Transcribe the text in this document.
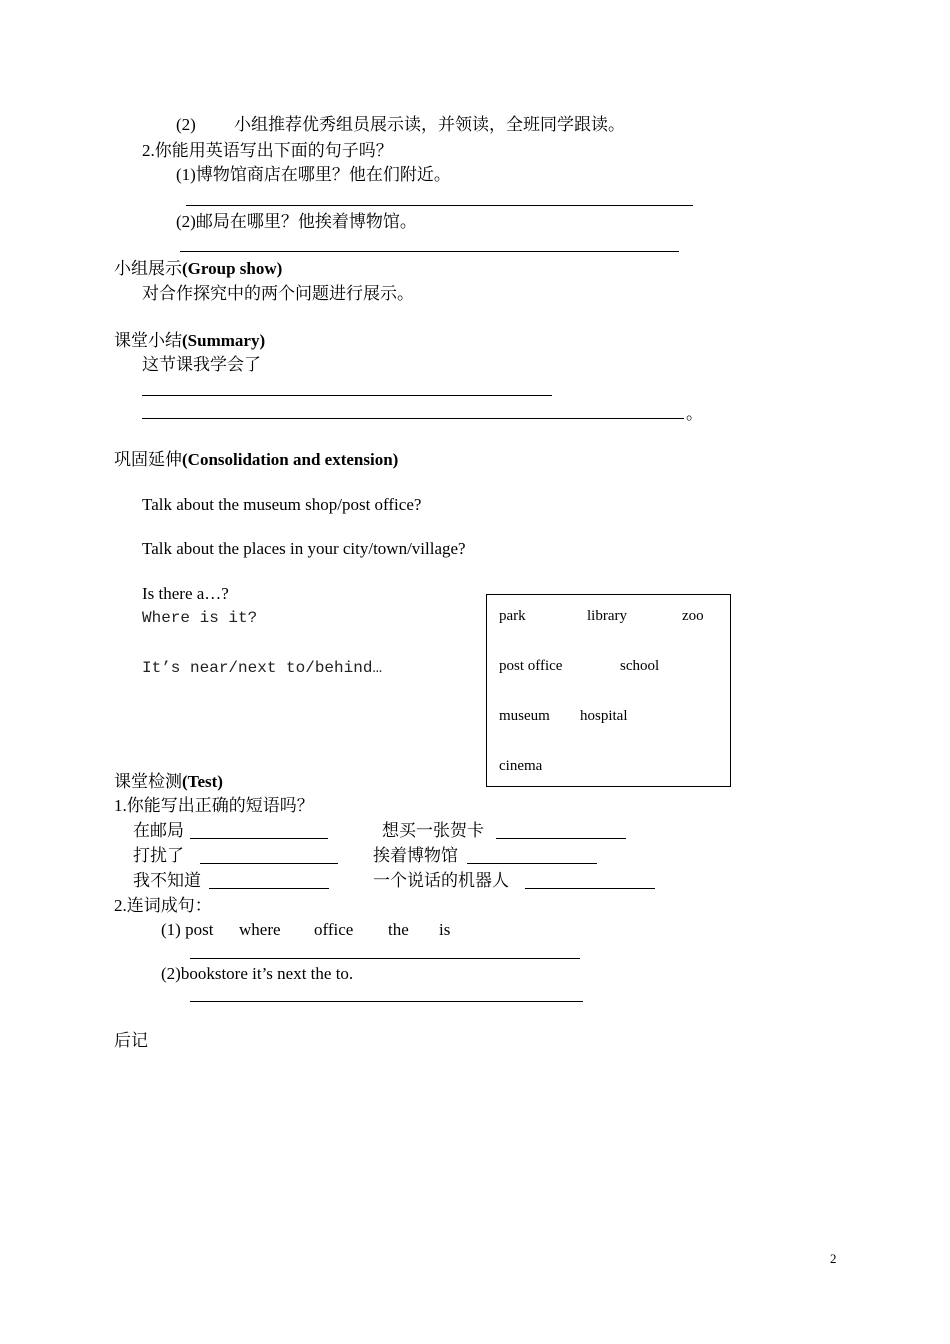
(2) 小组推荐优秀组员展示读，并领读，全班同学跟读。
2.你能用英语写出下面的句子吗？
(1)博物馆商店在哪里？他在们附近。
(2)邮局在哪里？他挨着博物馆。
小组展示(Group show)
对合作探究中的两个问题进行展示。
课堂小结(Summary)
这节课我学会了
。
巩固延伸(Consolidation and extension)
Talk about the museum shop/post office?
Talk about the places in your city/town/village?
Is there a…?
Where is it?
It’s near/next to/behind…
park	library	zoo
post office	school
museum hospital
cinema
课堂检测(Test)
1.你能写出正确的短语吗？
在邮局	想买一张贺卡
打扰了	挨着博物馆
我不知道	一个说话的机器人
2.连词成句：
(1) post where office the is
(2)bookstore it’s next the to.
后记
2
